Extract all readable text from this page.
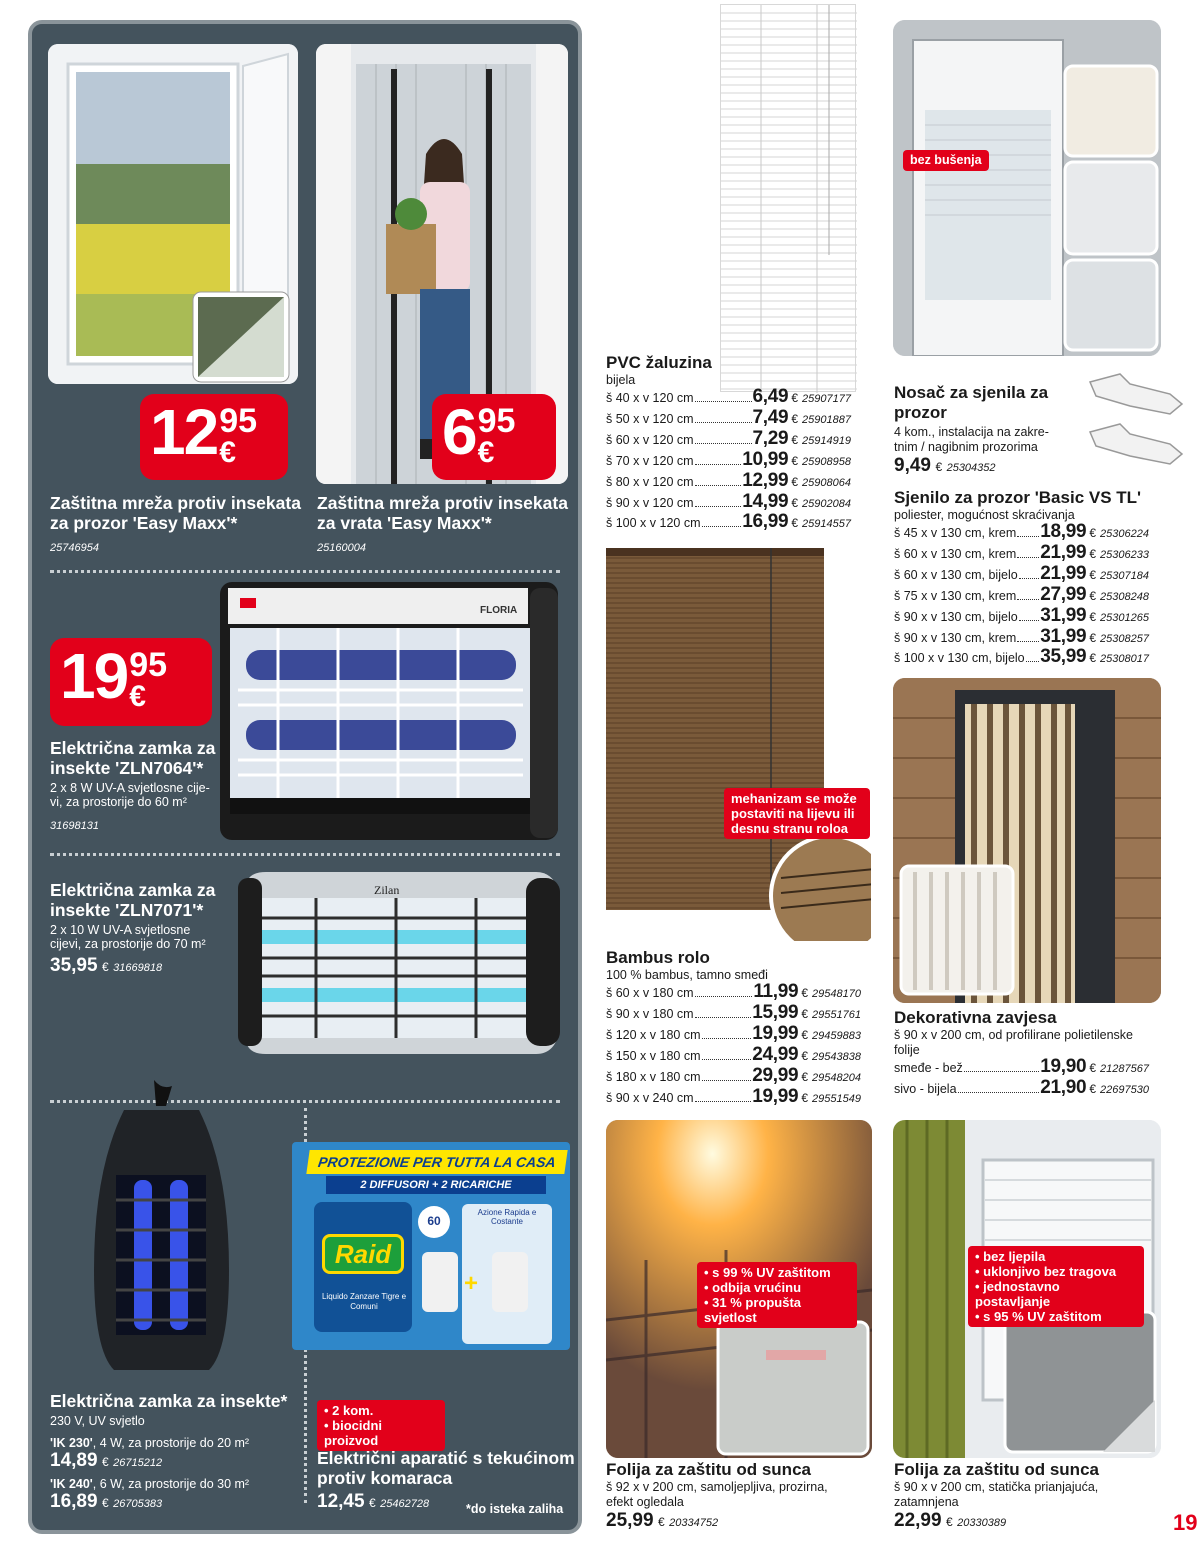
12 95
€
Zaštitna mreža protiv insekata
za prozor 'Easy Maxx'*
25746954
6 95
€
Zaštitna mreža protiv insekata
za vrata 'Easy Maxx'*
25160004
FLORIA
19 95
€
Električna zamka za
insekte 'ZLN7064'*
2 x 8 W UV-A svjetlosne cije-
vi, za prostorije do 60 m²
31698131
Zilan
Električna zamka za
insekte 'ZLN7071'*
2 x 10 W UV-A svjetlosne
cijevi, za prostorije do 70 m²
35,95 € 31669818
Električna zamka za insekte*
230 V, UV svjetlo
'IK 230', 4 W, za prostorije do 20 m²
14,89 € 26715212
'IK 240', 6 W, za prostorije do 30 m²
16,89 € 26705383
PROTEZIONE PER TUTTA LA CASA
2 DIFFUSORI + 2 RICARICHE
Raid
Liquido Zanzare Tigre e Comuni
60
Azione Rapida e Costante
+
• 2 kom.
• biocidni proizvod
Električni aparatić s tekućinom
protiv komaraca
12,45 € 25462728	*do isteka zaliha
PVC žaluzina
bijela
š 40 x v 120 cm	6,49 € 25907177
š 50 x v 120 cm	7,49 € 25901887
š 60 x v 120 cm	7,29 € 25914919
š 70 x v 120 cm	10,99 € 25908958
š 80 x v 120 cm	12,99 € 25908064
š 90 x v 120 cm	14,99 € 25902084
š 100 x v 120 cm 16,99 € 25914557
bez bušenja
Nosač za sjenila za
prozor
4 kom., instalacija na zakre-
tnim / nagibnim prozorima
9,49 € 25304352
Sjenilo za prozor 'Basic VS TL'
poliester, mogućnost skraćivanja
š 45 x v 130 cm, krem 18,99 € 25306224
š 60 x v 130 cm, krem 21,99 € 25306233
š 60 x v 130 cm, bijelo 21,99 € 25307184
š 75 x v 130 cm, krem 27,99 € 25308248
š 90 x v 130 cm, bijelo 31,99 € 25301265
š 90 x v 130 cm, krem 31,99 € 25308257
š 100 x v 130 cm, bijelo 35,99 € 25308017
mehanizam se može
postaviti na lijevu ili
desnu stranu roloa
Bambus rolo
100 % bambus, tamno smeđi
š 60 x v 180 cm	11,99 € 29548170
š 90 x v 180 cm	15,99 € 29551761
š 120 x v 180 cm	19,99 € 29459883
š 150 x v 180 cm	24,99 € 29543838
š 180 x v 180 cm	29,99 € 29548204
š 90 x v 240 cm	19,99 € 29551549
Dekorativna zavjesa
š 90 x v 200 cm, od profilirane polietilenske
folije
smeđe - bež	19,90 € 21287567
sivo - bijela	21,90 € 22697530
• s 99 % UV zaštitom
• odbija vrućinu
• 31 % propušta svjetlost
Folija za zaštitu od sunca
š 92 x v 200 cm, samoljepljiva, prozirna,
efekt ogledala
25,99 € 20334752
• bez ljepila
• uklonjivo bez tragova
• jednostavno postavljanje
• s 95 % UV zaštitom
Folija za zaštitu od sunca
š 90 x v 200 cm, statička prianjajuća,
zatamnjena
22,99 € 20330389	19
